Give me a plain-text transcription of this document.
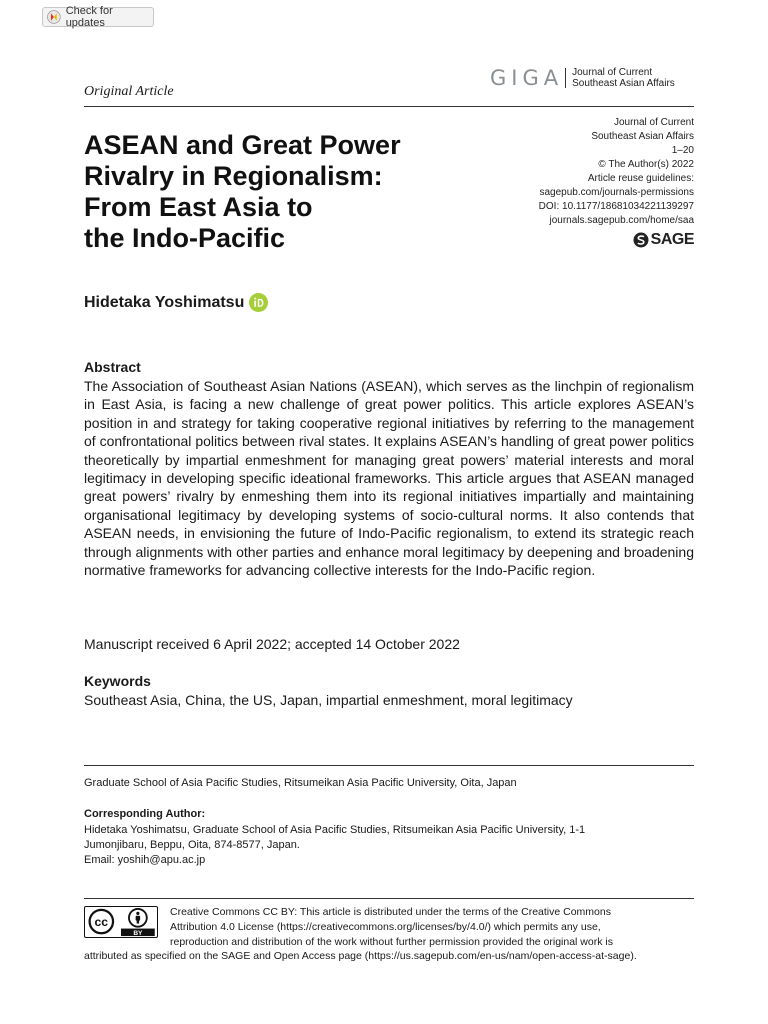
Check for updates
Original Article
GIGA Journal of Current
Southeast Asian Affairs
ASEAN and Great Power
Rivalry in Regionalism:
From East Asia to
the Indo-Pacific
Journal of Current
Southeast Asian Affairs
1–20
© The Author(s) 2022
Article reuse guidelines:
sagepub.com/journals-permissions
DOI: 10.1177/18681034221139297
journals.sagepub.com/home/saa
SAGE
Hidetaka Yoshimatsu
Abstract

The Association of Southeast Asian Nations (ASEAN), which serves as the linchpin of regionalism in East Asia, is facing a new challenge of great power politics. This article explores ASEAN’s position in and strategy for taking cooperative regional initiatives by referring to the management of confrontational politics between rival states. It explains ASEAN’s handling of great power politics theoretically by impartial enmeshment for managing great powers’ material interests and moral legitimacy in developing specific ideational frameworks. This article argues that ASEAN managed great powers’ rivalry by enmeshing them into its regional initiatives impartially and maintaining organisational legitimacy by developing systems of socio-cultural norms. It also contends that ASEAN needs, in envisioning the future of Indo-Pacific regionalism, to extend its strategic reach through alignments with other parties and enhance moral legitimacy by deepening and broadening normative frameworks for advancing collective interests for the Indo-Pacific region.

Manuscript received 6 April 2022; accepted 14 October 2022
Keywords
Southeast Asia, China, the US, Japan, impartial enmeshment, moral legitimacy
Graduate School of Asia Pacific Studies, Ritsumeikan Asia Pacific University, Oita, Japan
Corresponding Author:
Hidetaka Yoshimatsu, Graduate School of Asia Pacific Studies, Ritsumeikan Asia Pacific University, 1-1
Jumonjibaru, Beppu, Oita, 874-8577, Japan.
Email: yoshih@apu.ac.jp
cc
BY
Creative Commons CC BY: This article is distributed under the terms of the Creative Commons
Attribution 4.0 License (https://creativecommons.org/licenses/by/4.0/) which permits any use,
reproduction and distribution of the work without further permission provided the original work is
attributed as specified on the SAGE and Open Access page (https://us.sagepub.com/en-us/nam/open-access-at-sage).
